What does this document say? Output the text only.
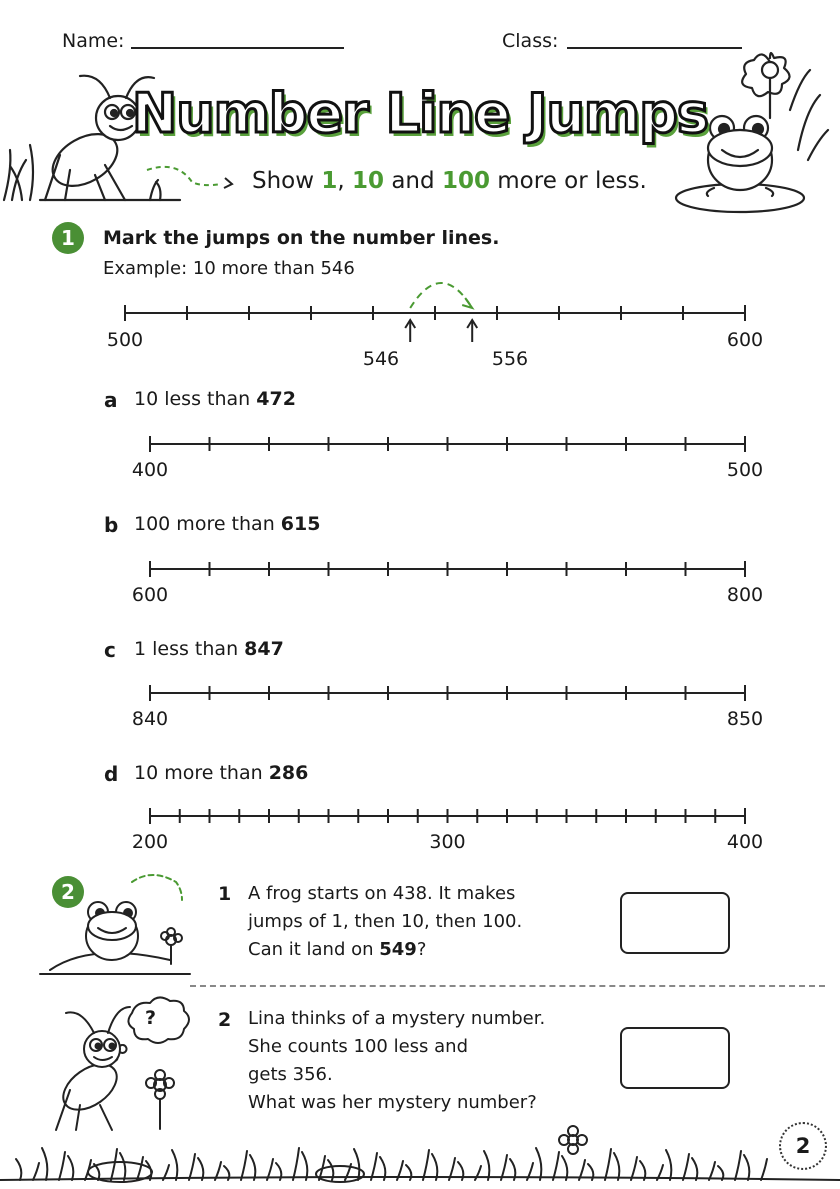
Name:	Class:
Number Line Jumps
Show 1, 10 and 100 more or less.
1	Mark the jumps on the number lines.
Example: 10 more than 546
500	600
546	556
a 10 less than 472
b 100 more than 615
c 1 less than 847
d 10 more than 286
400	500
600	800
840	850
200	300	400
2	1 A frog starts on 438. It makes
jumps of 1, then 10, then 100.
Can it land on 549?
?	2 Lina thinks of a mystery number.
She counts 100 less and
gets 356.
What was her mystery number?
2
